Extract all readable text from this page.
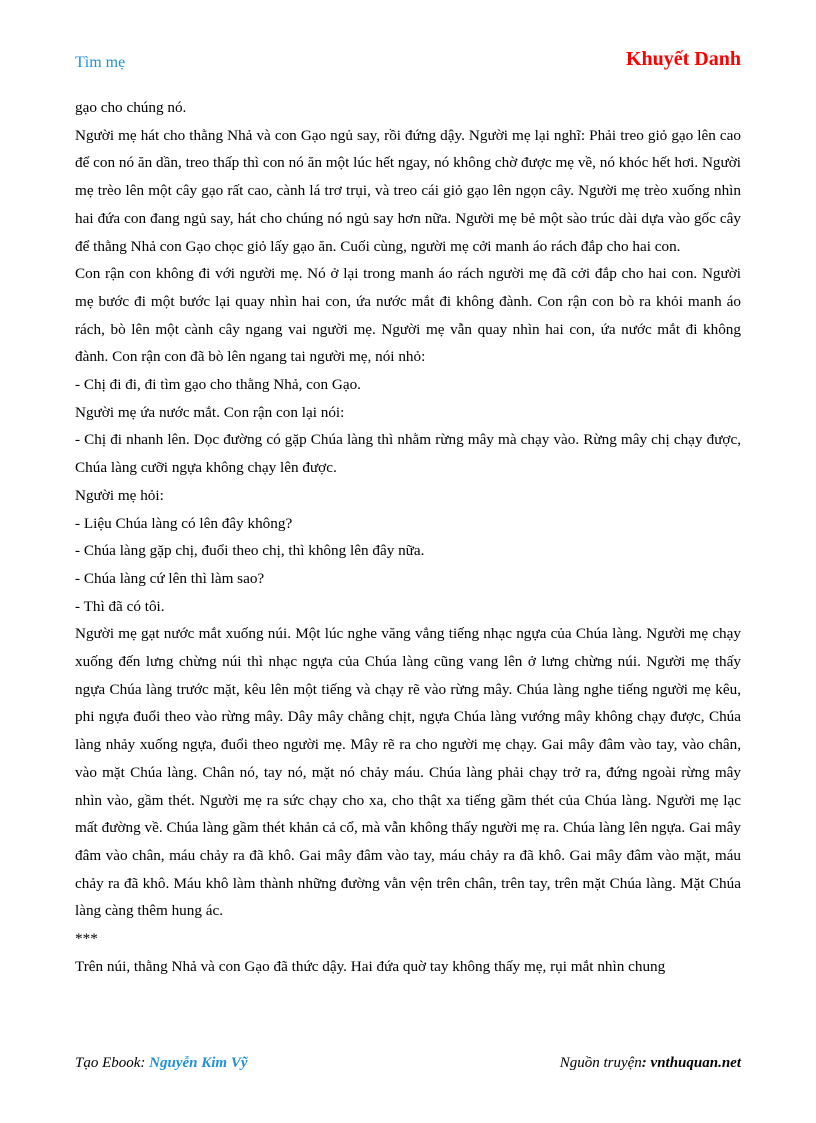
Tìm mẹ	Khuyết Danh

gạo cho chúng nó.

Người mẹ hát cho thằng Nhả và con Gạo ngủ say, rồi đứng dậy. Người mẹ lại nghĩ: Phải treo giỏ gạo lên cao để con nó ăn dần, treo thấp thì con nó ăn một lúc hết ngay, nó không chờ được mẹ về, nó khóc hết hơi. Người mẹ trèo lên một cây gạo rất cao, cành lá trơ trụi, và treo cái giỏ gạo lên ngọn cây. Người mẹ trèo xuống nhìn hai đứa con đang ngủ say, hát cho chúng nó ngủ say hơn nữa. Người mẹ bẻ một sào trúc dài dựa vào gốc cây để thằng Nhả con Gạo chọc giỏ lấy gạo ăn. Cuối cùng, người mẹ cởi manh áo rách đắp cho hai con.

Con rận con không đi với người mẹ. Nó ở lại trong manh áo rách người mẹ đã cởi đắp cho hai con. Người mẹ bước đi một bước lại quay nhìn hai con, ứa nước mắt đi không đành. Con rận con bò ra khỏi manh áo rách, bò lên một cành cây ngang vai người mẹ. Người mẹ vẫn quay nhìn hai con, ứa nước mắt đi không đành. Con rận con đã bò lên ngang tai người mẹ, nói nhỏ:

- Chị đi đi, đi tìm gạo cho thằng Nhả, con Gạo.

Người mẹ ứa nước mắt. Con rận con lại nói:

- Chị đi nhanh lên. Dọc đường có gặp Chúa làng thì nhằm rừng mây mà chạy vào. Rừng mây chị chạy được, Chúa làng cưỡi ngựa không chạy lên được.

Người mẹ hỏi:

- Liệu Chúa làng có lên đây không?

- Chúa làng gặp chị, đuổi theo chị, thì không lên đây nữa.

- Chúa làng cứ lên thì làm sao?

- Thì đã có tôi.

Người mẹ gạt nước mắt xuống núi. Một lúc nghe văng vẳng tiếng nhạc ngựa của Chúa làng. Người mẹ chạy xuống đến lưng chừng núi thì nhạc ngựa của Chúa làng cũng vang lên ở lưng chừng núi. Người mẹ thấy ngựa Chúa làng trước mặt, kêu lên một tiếng và chạy rẽ vào rừng mây. Chúa làng nghe tiếng người mẹ kêu, phi ngựa đuổi theo vào rừng mây. Dây mây chằng chịt, ngựa Chúa làng vướng mây không chạy được, Chúa làng nhảy xuống ngựa, đuổi theo người mẹ. Mây rẽ ra cho người mẹ chạy. Gai mây đâm vào tay, vào chân, vào mặt Chúa làng. Chân nó, tay nó, mặt nó chảy máu. Chúa làng phải chạy trở ra, đứng ngoài rừng mây nhìn vào, gầm thét. Người mẹ ra sức chạy cho xa, cho thật xa tiếng gầm thét của Chúa làng. Người mẹ lạc mất đường về. Chúa làng gầm thét khản cả cổ, mà vẫn không thấy người mẹ ra. Chúa làng lên ngựa. Gai mây đâm vào chân, máu chảy ra đã khô. Gai mây đâm vào tay, máu chảy ra đã khô. Gai mây đâm vào mặt, máu chảy ra đã khô. Máu khô làm thành những đường vằn vện trên chân, trên tay, trên mặt Chúa làng. Mặt Chúa làng càng thêm hung ác.

***

Trên núi, thằng Nhả và con Gạo đã thức dậy. Hai đứa quờ tay không thấy mẹ, rụi mắt nhìn chung

Tạo Ebook: Nguyễn Kim Vỹ	Nguồn truyện: vnthuquan.net
